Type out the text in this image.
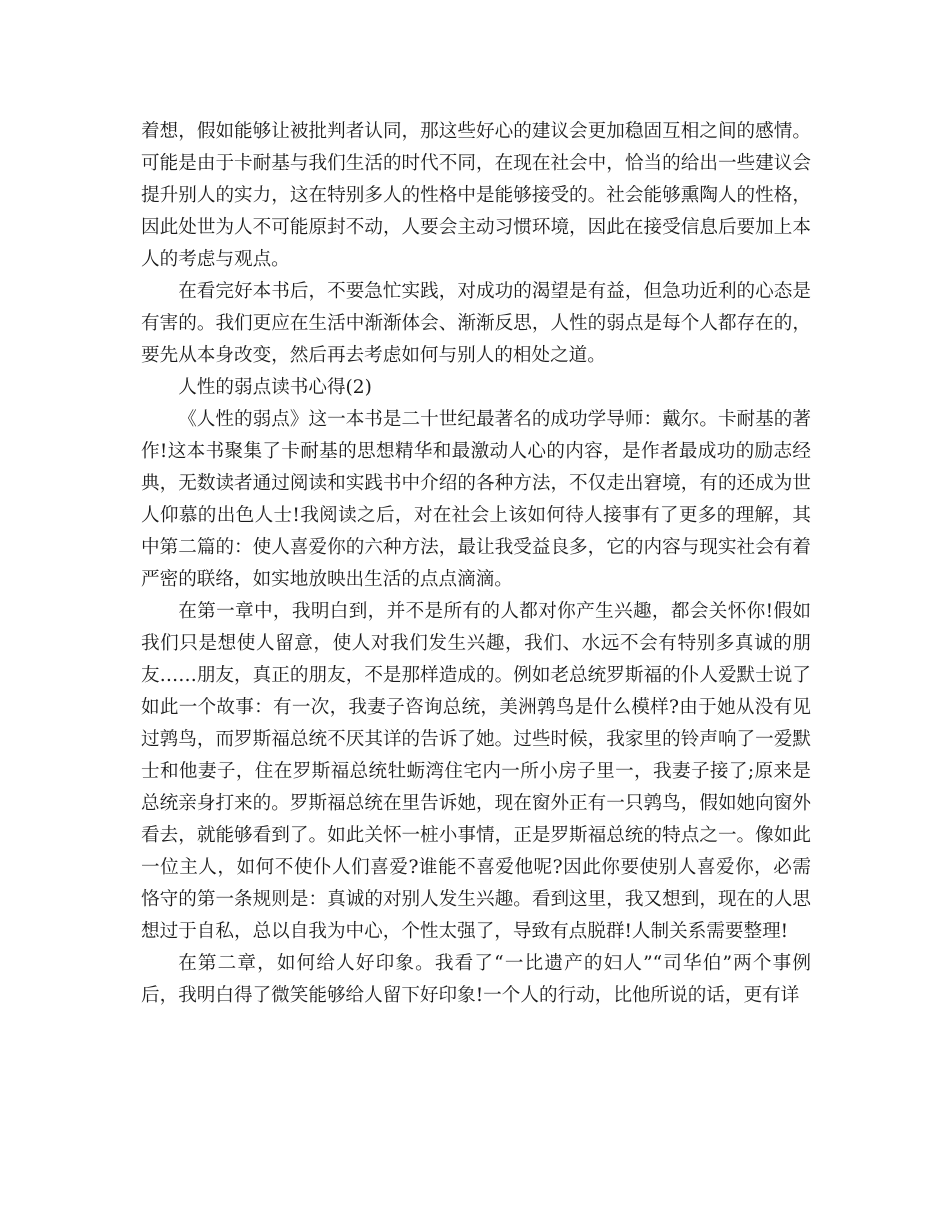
着想，假如能够让被批判者认同，那这些好心的建议会更加稳固互相之间的感情。可能是由于卡耐基与我们生活的时代不同，在现在社会中，恰当的给出一些建议会提升别人的实力，这在特别多人的性格中是能够接受的。社会能够熏陶人的性格，因此处世为人不可能原封不动，人要会主动习惯环境，因此在接受信息后要加上本人的考虑与观点。

在看完好本书后，不要急忙实践，对成功的渴望是有益，但急功近利的心态是有害的。我们更应在生活中渐渐体会、渐渐反思，人性的弱点是每个人都存在的，要先从本身改变，然后再去考虑如何与别人的相处之道。

人性的弱点读书心得(2)

《人性的弱点》这一本书是二十世纪最著名的成功学导师：戴尔。卡耐基的著作!这本书聚集了卡耐基的思想精华和最激动人心的内容，是作者最成功的励志经典，无数读者通过阅读和实践书中介绍的各种方法，不仅走出窘境，有的还成为世人仰慕的出色人士!我阅读之后，对在社会上该如何待人接事有了更多的理解，其中第二篇的：使人喜爱你的六种方法，最让我受益良多，它的内容与现实社会有着严密的联络，如实地放映出生活的点点滴滴。

在第一章中，我明白到，并不是所有的人都对你产生兴趣，都会关怀你!假如我们只是想使人留意，使人对我们发生兴趣，我们、水远不会有特别多真诚的朋友……朋友，真正的朋友，不是那样造成的。例如老总统罗斯福的仆人爱默士说了如此一个故事：有一次，我妻子咨询总统，美洲鹑鸟是什么模样?由于她从没有见过鹑鸟，而罗斯福总统不厌其详的告诉了她。过些时候，我家里的铃声响了一爱默士和他妻子，住在罗斯福总统牡蛎湾住宅内一所小房子里一，我妻子接了;原来是总统亲身打来的。罗斯福总统在里告诉她，现在窗外正有一只鹑鸟，假如她向窗外看去，就能够看到了。如此关怀一桩小事情，正是罗斯福总统的特点之一。像如此一位主人，如何不使仆人们喜爱?谁能不喜爱他呢?因此你要使别人喜爱你，必需恪守的第一条规则是：真诚的对别人发生兴趣。看到这里，我又想到，现在的人思想过于自私，总以自我为中心，个性太强了，导致有点脱群!人制关系需要整理!

在第二章，如何给人好印象。我看了“一比遗产的妇人”“司华伯”两个事例后，我明白得了微笑能够给人留下好印象!一个人的行动，比他所说的话，更有详
